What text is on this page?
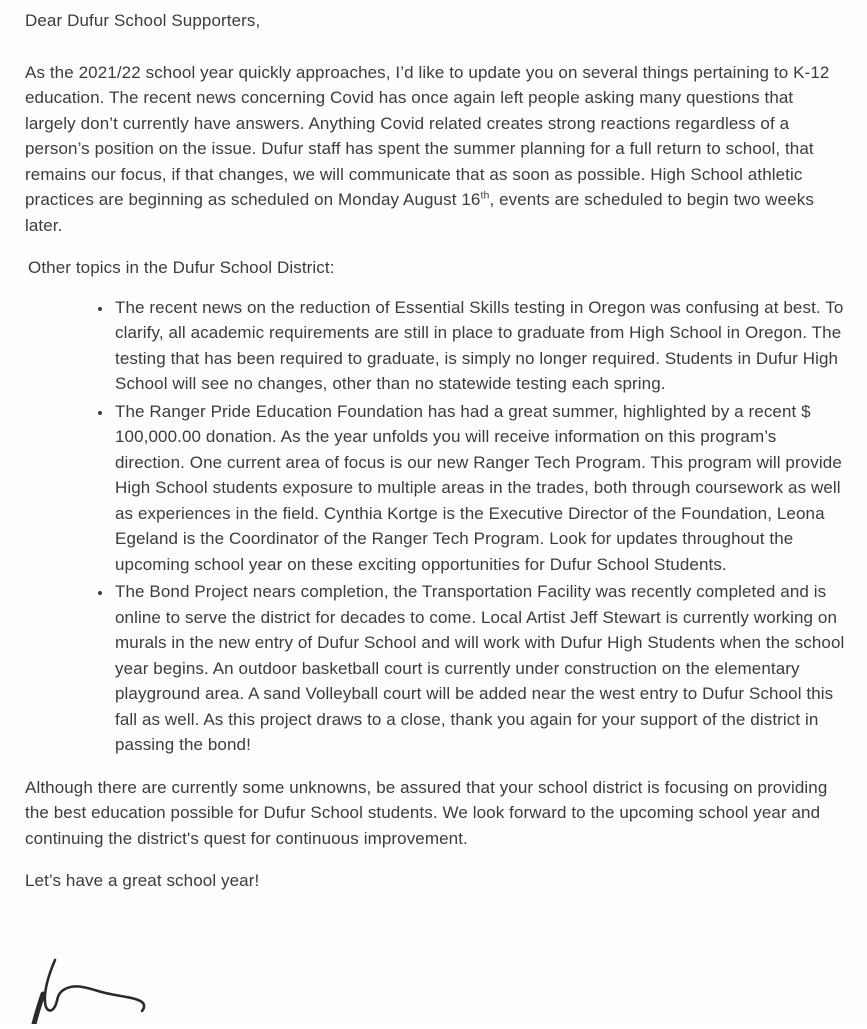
Dear Dufur School Supporters,

As the 2021/22 school year quickly approaches, I’d like to update you on several things pertaining to K-12 education. The recent news concerning Covid has once again left people asking many questions that largely don’t currently have answers. Anything Covid related creates strong reactions regardless of a person’s position on the issue. Dufur staff has spent the summer planning for a full return to school, that remains our focus, if that changes, we will communicate that as soon as possible. High School athletic practices are beginning as scheduled on Monday August 16th, events are scheduled to begin two weeks later.

Other topics in the Dufur School District:

• The recent news on the reduction of Essential Skills testing in Oregon was confusing at best. To clarify, all academic requirements are still in place to graduate from High School in Oregon. The testing that has been required to graduate, is simply no longer required. Students in Dufur High School will see no changes, other than no statewide testing each spring.
• The Ranger Pride Education Foundation has had a great summer, highlighted by a recent $ 100,000.00 donation. As the year unfolds you will receive information on this program’s direction. One current area of focus is our new Ranger Tech Program. This program will provide High School students exposure to multiple areas in the trades, both through coursework as well as experiences in the field. Cynthia Kortge is the Executive Director of the Foundation, Leona Egeland is the Coordinator of the Ranger Tech Program. Look for updates throughout the upcoming school year on these exciting opportunities for Dufur School Students.
• The Bond Project nears completion, the Transportation Facility was recently completed and is online to serve the district for decades to come. Local Artist Jeff Stewart is currently working on murals in the new entry of Dufur School and will work with Dufur High Students when the school year begins. An outdoor basketball court is currently under construction on the elementary playground area. A sand Volleyball court will be added near the west entry to Dufur School this fall as well. As this project draws to a close, thank you again for your support of the district in passing the bond!

Although there are currently some unknowns, be assured that your school district is focusing on providing the best education possible for Dufur School students. We look forward to the upcoming school year and continuing the district's quest for continuous improvement.

Let’s have a great school year!
